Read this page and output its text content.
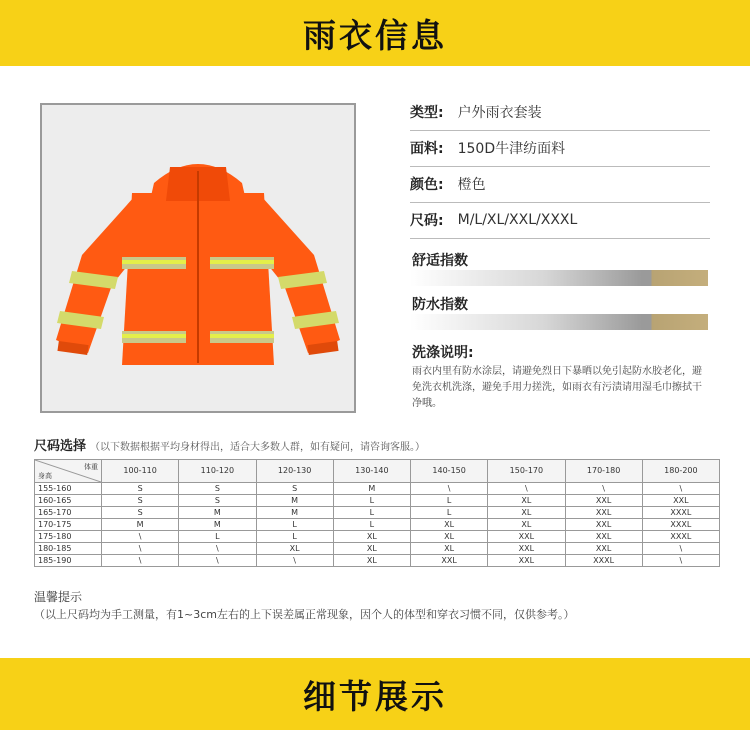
雨衣信息
类型: 户外雨衣套装
面料: 150D牛津纺面料
颜色: 橙色
尺码: M/L/XL/XXL/XXXL
舒适指数
防水指数
洗涤说明:
雨衣内里有防水涂层，请避免烈日下暴晒以免引起防水胶老化，避免洗衣机洗涤，避免手用力搓洗，如雨衣有污渍请用湿毛巾擦拭干净哦。
尺码选择 （以下数据根据平均身材得出，适合大多数人群，如有疑问，请咨询客服。）
体重
身高	100-110	110-120	120-130	130-140	140-150	150-170	170-180	180-200
155-160	S	S	S	M	\	\	\	\
160-165	S	S	M	L	L	XL	XXL	XXL
165-170	S	M	M	L	L	XL	XXL	XXXL
170-175	M	M	L	L	XL	XL	XXL	XXXL
175-180	\	L	L	XL	XL	XXL	XXL	XXXL
180-185	\	\	XL	XL	XL	XXL	XXL	\
185-190	\	\	\	XL	XXL	XXL	XXXL	\
温馨提示
（以上尺码均为手工测量，有1~3cm左右的上下误差属正常现象，因个人的体型和穿衣习惯不同，仅供参考。）
细节展示
